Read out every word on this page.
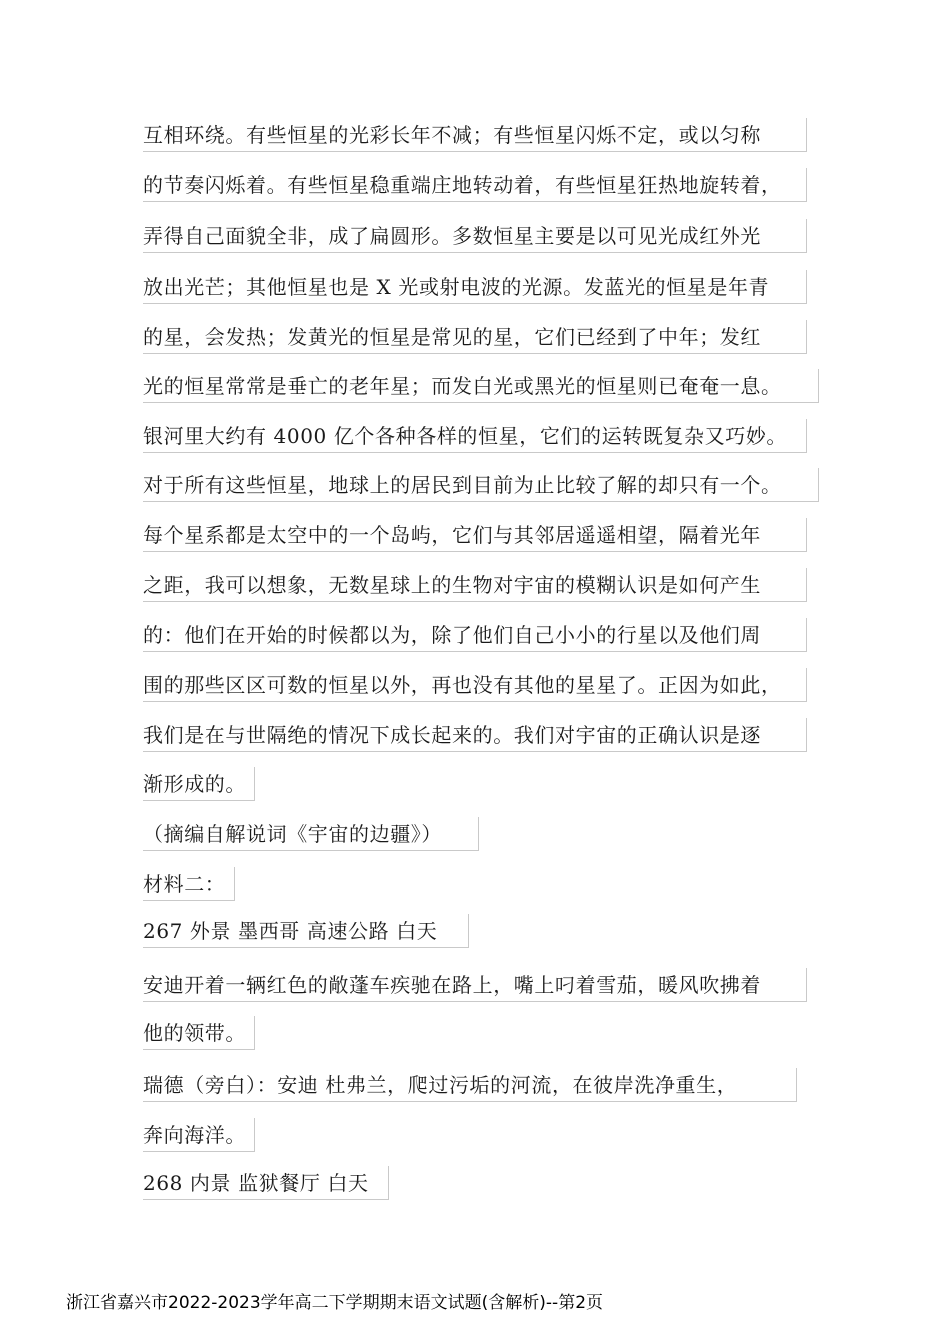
互相环绕。有些恒星的光彩长年不减；有些恒星闪烁不定，或以匀称
的节奏闪烁着。有些恒星稳重端庄地转动着，有些恒星狂热地旋转着，
弄得自己面貌全非，成了扁圆形。多数恒星主要是以可见光成红外光
放出光芒；其他恒星也是 X 光或射电波的光源。发蓝光的恒星是年青
的星，会发热；发黄光的恒星是常见的星，它们已经到了中年；发红
光的恒星常常是垂亡的老年星；而发白光或黑光的恒星则已奄奄一息。
银河里大约有 4000 亿个各种各样的恒星，它们的运转既复杂又巧妙。
对于所有这些恒星，地球上的居民到目前为止比较了解的却只有一个。
每个星系都是太空中的一个岛屿，它们与其邻居遥遥相望，隔着光年
之距，我可以想象，无数星球上的生物对宇宙的模糊认识是如何产生
的：他们在开始的时候都以为，除了他们自己小小的行星以及他们周
围的那些区区可数的恒星以外，再也没有其他的星星了。正因为如此，
我们是在与世隔绝的情况下成长起来的。我们对宇宙的正确认识是逐
渐形成的。
（摘编自解说词《宇宙的边疆》）
材料二：
267 外景 墨西哥 高速公路 白天
安迪开着一辆红色的敞蓬车疾驰在路上，嘴上叼着雪茄，暖风吹拂着
他的领带。
瑞德（旁白）：安迪 杜弗兰，爬过污垢的河流，在彼岸洗净重生，
奔向海洋。
268 内景 监狱餐厅 白天
浙江省嘉兴市2022-2023学年高二下学期期末语文试题(含解析)--第2页
